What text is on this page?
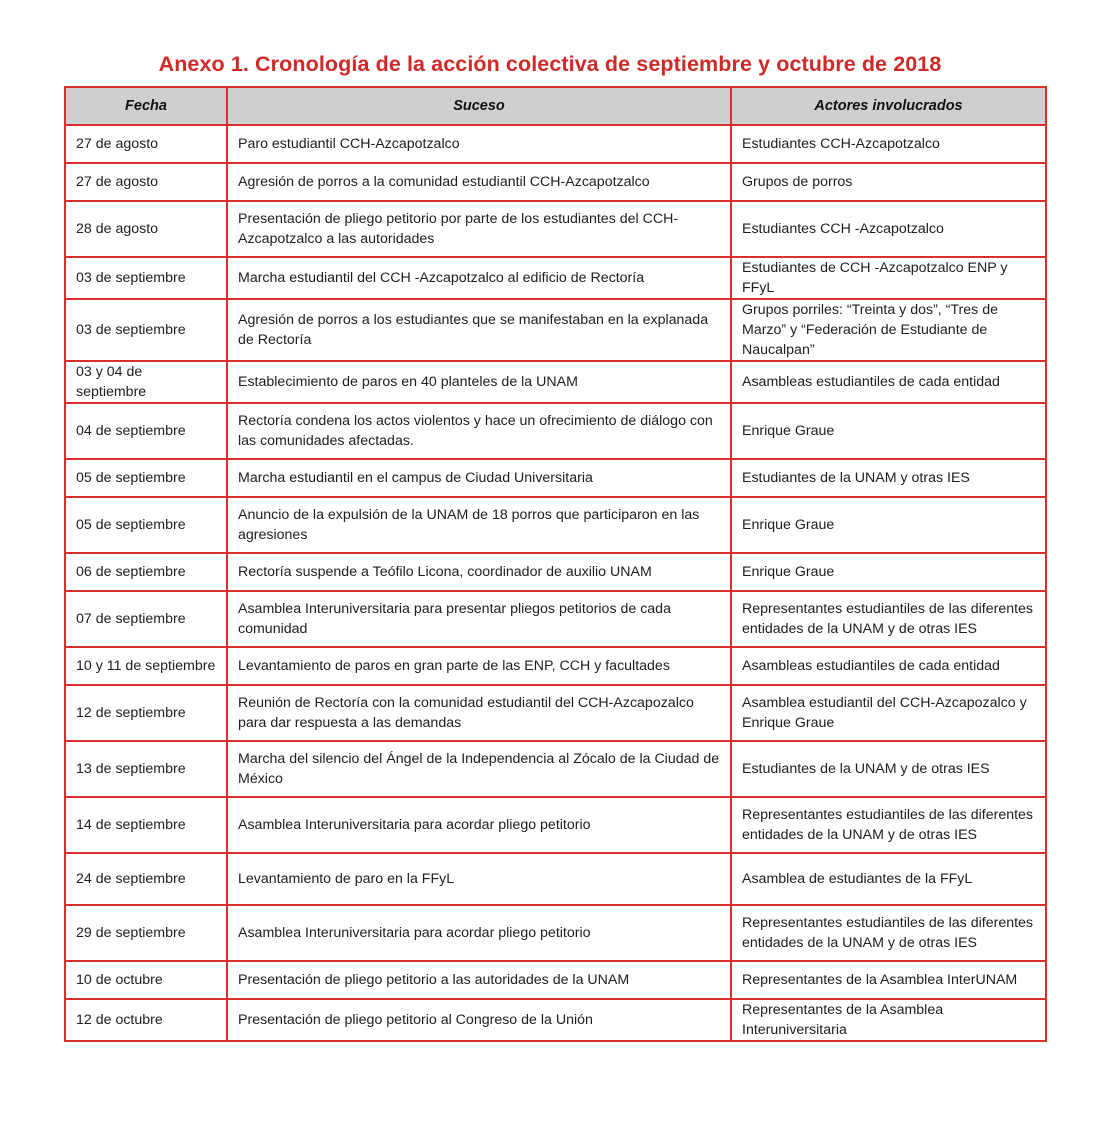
Anexo 1. Cronología de la acción colectiva de septiembre y octubre de 2018
Fecha	Suceso	Actores involucrados
27 de agosto	Paro estudiantil CCH-Azcapotzalco	Estudiantes CCH-Azcapotzalco
27 de agosto	Agresión de porros a la comunidad estudiantil CCH-Azcapotzalco	Grupos de porros
28 de agosto	Presentación de pliego petitorio por parte de los estudiantes del CCH-Azcapotzalco a las autoridades	Estudiantes CCH -Azcapotzalco
03 de septiembre	Marcha estudiantil del CCH -Azcapotzalco al edificio de Rectoría	Estudiantes de CCH -Azcapotzalco ENP y FFyL
03 de septiembre	Agresión de porros a los estudiantes que se manifestaban en la explanada de Rectoría	Grupos porriles: “Treinta y dos”, “Tres de Marzo” y “Federación de Estudiante de Naucalpan”
03 y 04 de septiembre	Establecimiento de paros en 40 planteles de la UNAM	Asambleas estudiantiles de cada entidad
04 de septiembre	Rectoría condena los actos violentos y hace un ofrecimiento de diálogo con las comunidades afectadas.	Enrique Graue
05 de septiembre	Marcha estudiantil en el campus de Ciudad Universitaria	Estudiantes de la UNAM y otras IES
05 de septiembre	Anuncio de la expulsión de la UNAM de 18 porros que participaron en las agresiones	Enrique Graue
06 de septiembre	Rectoría suspende a Teófilo Licona, coordinador de auxilio UNAM	Enrique Graue
07 de septiembre	Asamblea Interuniversitaria para presentar pliegos petitorios de cada comunidad	Representantes estudiantiles de las diferentes entidades de la UNAM y de otras IES
10 y 11 de septiembre	Levantamiento de paros en gran parte de las ENP, CCH y facultades	Asambleas estudiantiles de cada entidad
12 de septiembre	Reunión de Rectoría con la comunidad estudiantil del CCH-Azcapozalco para dar respuesta a las demandas	Asamblea estudiantil del CCH-Azcapozalco y Enrique Graue
13 de septiembre	Marcha del silencio del Ángel de la Independencia al Zócalo de la Ciudad de México	Estudiantes de la UNAM y de otras IES
14 de septiembre	Asamblea Interuniversitaria para acordar pliego petitorio	Representantes estudiantiles de las diferentes entidades de la UNAM y de otras IES
24 de septiembre	Levantamiento de paro en la FFyL	Asamblea de estudiantes de la FFyL
29 de septiembre	Asamblea Interuniversitaria para acordar pliego petitorio	Representantes estudiantiles de las diferentes entidades de la UNAM y de otras IES
10 de octubre	Presentación de pliego petitorio a las autoridades de la UNAM	Representantes de la Asamblea InterUNAM
12 de octubre	Presentación de pliego petitorio al Congreso de la Unión	Representantes de la Asamblea Interuniversitaria
